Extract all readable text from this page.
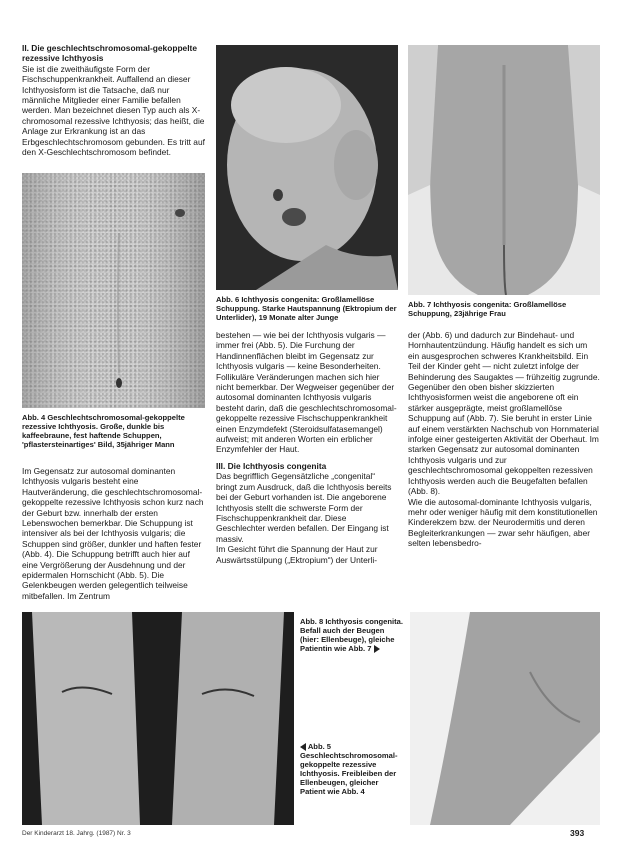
II. Die geschlechtschromosomal-gekoppelte rezessive Ichthyosis

Sie ist die zweithäufigste Form der Fischschuppenkrankheit. Auffallend an dieser Ichthyosisform ist die Tatsache, daß nur männliche Mitglieder einer Familie befallen werden. Man bezeichnet diesen Typ auch als X-chromosomal rezessive Ichthyosis; das heißt, die Anlage zur Erkrankung ist an das Erbgeschlechtschromosom gebunden. Es tritt auf den X-Geschlechtschromosom befindet.

Abb. 4 Geschlechtschromosomal-gekoppelte rezessive Ichthyosis. Große, dunkle bis kaffeebraune, fest haftende Schuppen, 'pflastersteinartiges' Bild, 35jähriger Mann
Im Gegensatz zur autosomal dominanten Ichthyosis vulgaris besteht eine Hautveränderung, die geschlechtschromosomal-gekoppelte rezessive Ichthyosis schon kurz nach der Geburt bzw. innerhalb der ersten Lebenswochen bemerkbar. Die Schuppung ist intensiver als bei der Ichthyosis vulgaris; die Schuppen sind größer, dunkler und haften fester (Abb. 4). Die Schuppung betrifft auch hier auf eine Vergrößerung der Ausdehnung und der epidermalen Hornschicht (Abb. 5). Die Gelenkbeugen werden gelegentlich teilweise mitbefallen. Im Zentrum
Abb. 6 Ichthyosis congenita: Großlamellöse Schuppung. Starke Hautspannung (Ektropium der Unterlider), 19 Monate alter Junge
Abb. 7 Ichthyosis congenita: Großlamellöse Schuppung, 23jährige Frau

bestehen — wie bei der Ichthyosis vulgaris — immer frei (Abb. 5). Die Furchung der Handinnenflächen bleibt im Gegensatz zur Ichthyosis vulgaris — keine Besonderheiten. Follikuläre Veränderungen machen sich hier nicht bemerkbar. Der Wegweiser gegenüber der autosomal dominanten Ichthyosis vulgaris besteht darin, daß die geschlechtschromosomal-gekoppelte rezessive Fischschuppenkrankheit einen Enzymdefekt (Steroidsulfatasemangel) aufweist; mit anderen Worten ein erblicher Enzymfehler der Haut.

III. Die Ichthyosis congenita

Das begrifflich Gegensätzliche „congenital“ bringt zum Ausdruck, daß die Ichthyosis bereits bei der Geburt vorhanden ist. Die angeborene Ichthyosis stellt die schwerste Form der Fischschuppenkrankheit dar. Diese Geschlechter werden befallen. Der Eingang ist massiv.

Im Gesicht führt die Spannung der Haut zur Auswärtsstülpung („Ektropium“) der Unterli-

der (Abb. 6) und dadurch zur Bindehaut- und Hornhautentzündung. Häufig handelt es sich um ein ausgesprochen schweres Krankheitsbild. Ein Teil der Kinder geht — nicht zuletzt infolge der Behinderung des Saugaktes — frühzeitig zugrunde. Gegenüber den oben bisher skizzierten Ichthyosisformen weist die angeborene oft ein stärker ausgeprägte, meist großlamellöse Schuppung auf (Abb. 7). Sie beruht in erster Linie auf einem verstärkten Nachschub von Hornmaterial infolge einer gesteigerten Aktivität der Oberhaut. Im starken Gegensatz zur autosomal dominanten Ichthyosis vulgaris und zur geschlechtschromosomal gekoppelten rezessiven Ichthyosis werden auch die Beugefalten befallen (Abb. 8).

Wie die autosomal-dominante Ichthyosis vulgaris, mehr oder weniger häufig mit dem konstitutionellen Kinderekzem bzw. der Neurodermitis und deren Begleiterkrankungen — zwar sehr häufigen, aber selten lebensbedro-

Abb. 8 Ichthyosis congenita. Befall auch der Beugen (hier: Ellenbeuge), gleiche Patientin wie Abb. 7
Abb. 5 Geschlechtschromosomal-gekoppelte rezessive Ichthyosis. Freibleiben der Ellenbeugen, gleicher Patient wie Abb. 4
Der Kinderarzt 18. Jahrg. (1987) Nr. 3	393
